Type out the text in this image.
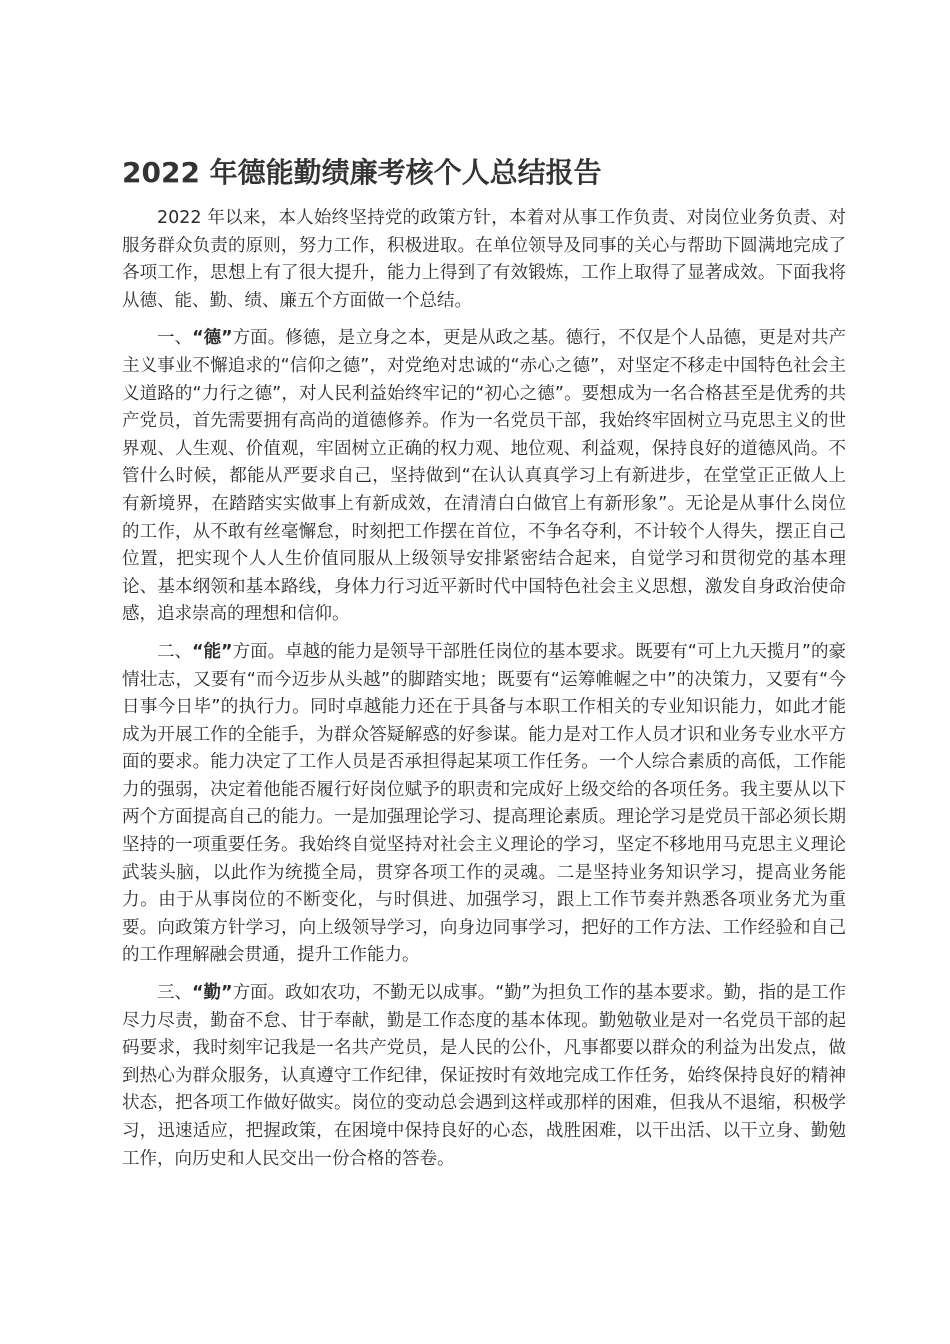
2022 年德能勤绩廉考核个人总结报告

2022 年以来，本人始终坚持党的政策方针，本着对从事工作负责、对岗位业务负责、对服务群众负责的原则，努力工作，积极进取。在单位领导及同事的关心与帮助下圆满地完成了各项工作，思想上有了很大提升，能力上得到了有效锻炼，工作上取得了显著成效。下面我将从德、能、勤、绩、廉五个方面做一个总结。

一、“德”方面。修德，是立身之本，更是从政之基。德行，不仅是个人品德，更是对共产主义事业不懈追求的“信仰之德”，对党绝对忠诚的“赤心之德”，对坚定不移走中国特色社会主义道路的“力行之德”，对人民利益始终牢记的“初心之德”。要想成为一名合格甚至是优秀的共产党员，首先需要拥有高尚的道德修养。作为一名党员干部，我始终牢固树立马克思主义的世界观、人生观、价值观，牢固树立正确的权力观、地位观、利益观，保持良好的道德风尚。不管什么时候，都能从严要求自己，坚持做到“在认认真真学习上有新进步，在堂堂正正做人上有新境界，在踏踏实实做事上有新成效，在清清白白做官上有新形象”。无论是从事什么岗位的工作，从不敢有丝毫懈怠，时刻把工作摆在首位，不争名夺利，不计较个人得失，摆正自己位置，把实现个人人生价值同服从上级领导安排紧密结合起来，自觉学习和贯彻党的基本理论、基本纲领和基本路线，身体力行习近平新时代中国特色社会主义思想，激发自身政治使命感，追求崇高的理想和信仰。

二、“能”方面。卓越的能力是领导干部胜任岗位的基本要求。既要有“可上九天揽月”的豪情壮志，又要有“而今迈步从头越”的脚踏实地；既要有“运筹帷幄之中”的决策力，又要有“今日事今日毕”的执行力。同时卓越能力还在于具备与本职工作相关的专业知识能力，如此才能成为开展工作的全能手，为群众答疑解惑的好参谋。能力是对工作人员才识和业务专业水平方面的要求。能力决定了工作人员是否承担得起某项工作任务。一个人综合素质的高低，工作能力的强弱，决定着他能否履行好岗位赋予的职责和完成好上级交给的各项任务。我主要从以下两个方面提高自己的能力。一是加强理论学习、提高理论素质。理论学习是党员干部必须长期坚持的一项重要任务。我始终自觉坚持对社会主义理论的学习，坚定不移地用马克思主义理论武装头脑，以此作为统揽全局，贯穿各项工作的灵魂。二是坚持业务知识学习，提高业务能力。由于从事岗位的不断变化，与时俱进、加强学习，跟上工作节奏并熟悉各项业务尤为重要。向政策方针学习，向上级领导学习，向身边同事学习，把好的工作方法、工作经验和自己的工作理解融会贯通，提升工作能力。

三、“勤”方面。政如农功，不勤无以成事。“勤”为担负工作的基本要求。勤，指的是工作尽力尽责，勤奋不怠、甘于奉献，勤是工作态度的基本体现。勤勉敬业是对一名党员干部的起码要求，我时刻牢记我是一名共产党员，是人民的公仆，凡事都要以群众的利益为出发点，做到热心为群众服务，认真遵守工作纪律，保证按时有效地完成工作任务，始终保持良好的精神状态，把各项工作做好做实。岗位的变动总会遇到这样或那样的困难，但我从不退缩，积极学习，迅速适应，把握政策，在困境中保持良好的心态，战胜困难，以干出活、以干立身、勤勉工作，向历史和人民交出一份合格的答卷。
